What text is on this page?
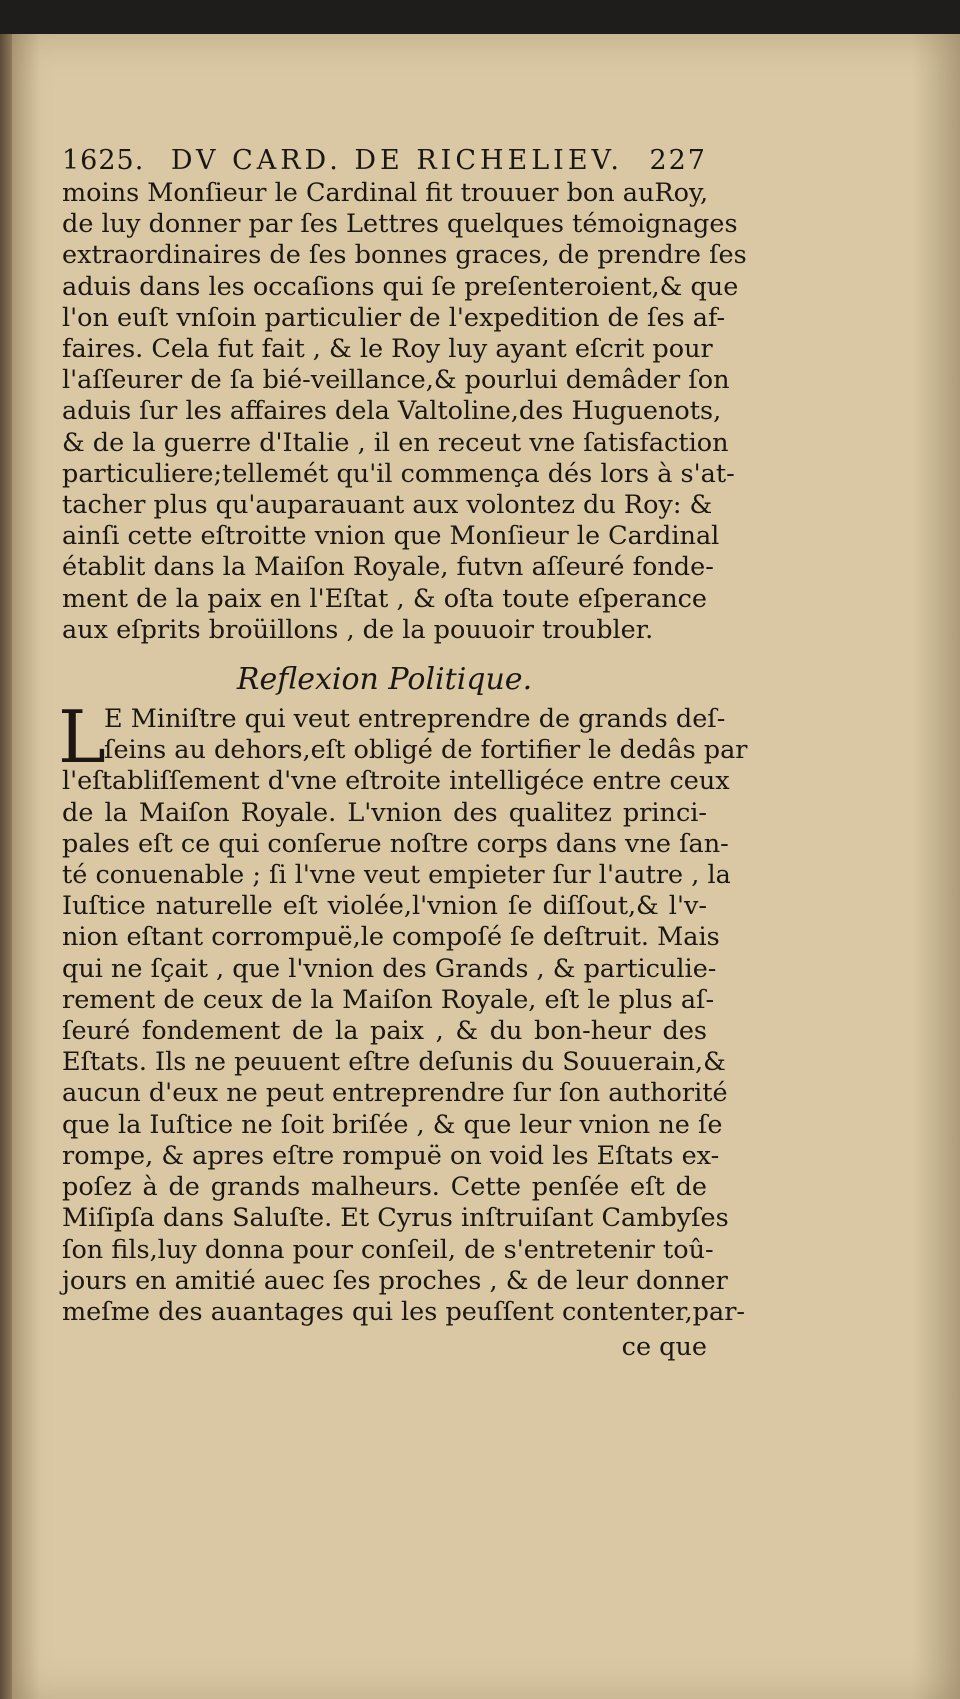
1625. DV CARD. DE RICHELIEV. 227
moins Monſieur le Cardinal fit trouuer bon auRoy,
de luy donner par ſes Lettres quelques témoignages
extraordinaires de ſes bonnes graces, de prendre ſes
aduis dans les occaſions qui ſe preſenteroient,& que
l'on euſt vnſoin particulier de l'expedition de ſes af-
faires. Cela fut fait , & le Roy luy ayant eſcrit pour
l'aſſeurer de ſa bié-veillance,& pourlui demâder ſon
aduis ſur les affaires dela Valtoline,des Huguenots,
& de la guerre d'Italie , il en receut vne ſatisfaction
particuliere;tellemét qu'il commença dés lors à s'at-
tacher plus qu'auparauant aux volontez du Roy: &
ainſi cette eſtroitte vnion que Monſieur le Cardinal
établit dans la Maiſon Royale, futvn aſſeuré fonde-
ment de la paix en l'Eſtat , & oſta toute eſperance
aux eſprits broüillons , de la pouuoir troubler.
Reflexion Politique.
L
E Miniſtre qui veut entreprendre de grands deſ-
ſeins au dehors,eſt obligé de fortifier le dedâs par
l'eſtabliſſement d'vne eſtroite intelligéce entre ceux
de la Maiſon Royale. L'vnion des qualitez princi-
pales eſt ce qui conſerue noſtre corps dans vne ſan-
té conuenable ; ſi l'vne veut empieter ſur l'autre , la
Iuſtice naturelle eſt violée,l'vnion ſe diſſout,& l'v-
nion eſtant corrompuë,le compoſé ſe deſtruit. Mais
qui ne ſçait , que l'vnion des Grands , & particulie-
rement de ceux de la Maiſon Royale, eſt le plus aſ-
ſeuré fondement de la paix , & du bon-heur des
Eſtats. Ils ne peuuent eſtre deſunis du Souuerain,&
aucun d'eux ne peut entreprendre ſur ſon authorité
que la Iuſtice ne ſoit briſée , & que leur vnion ne ſe
rompe, & apres eſtre rompuë on void les Eſtats ex-
poſez à de grands malheurs. Cette penſée eſt de
Miſipſa dans Saluſte. Et Cyrus inſtruiſant Cambyſes
ſon fils,luy donna pour conſeil, de s'entretenir toû-
jours en amitié auec ſes proches , & de leur donner
meſme des auantages qui les peuſſent contenter,par-
ce que
